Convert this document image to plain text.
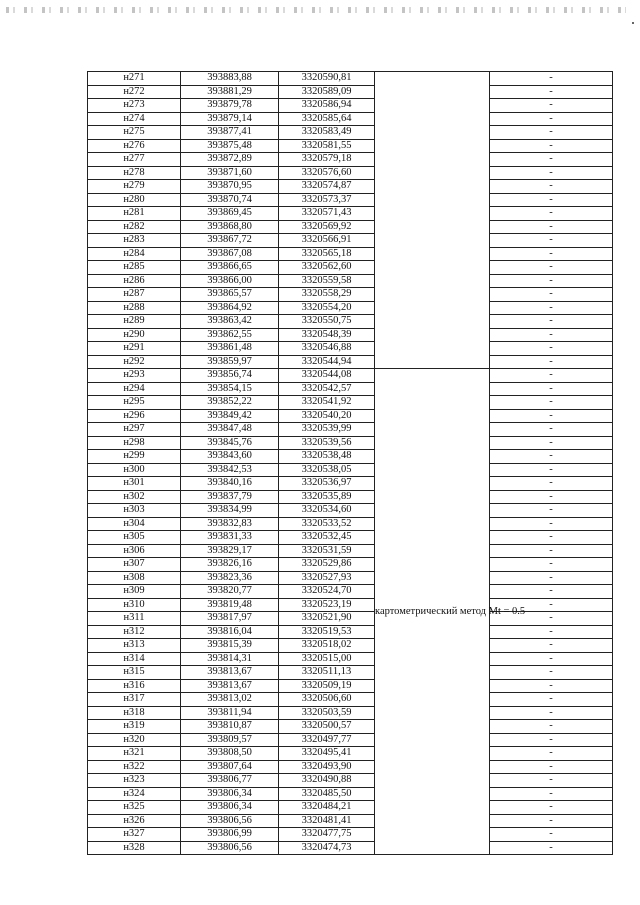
н271	393883,88	3320590,81		-
н272	393881,29	3320589,09		-
н273	393879,78	3320586,94		-
н274	393879,14	3320585,64		-
н275	393877,41	3320583,49		-
н276	393875,48	3320581,55		-
н277	393872,89	3320579,18		-
н278	393871,60	3320576,60		-
н279	393870,95	3320574,87		-
н280	393870,74	3320573,37		-
н281	393869,45	3320571,43		-
н282	393868,80	3320569,92		-
н283	393867,72	3320566,91		-
н284	393867,08	3320565,18		-
н285	393866,65	3320562,60		-
н286	393866,00	3320559,58		-
н287	393865,57	3320558,29		-
н288	393864,92	3320554,20		-
н289	393863,42	3320550,75		-
н290	393862,55	3320548,39		-
н291	393861,48	3320546,88		-
н292	393859,97	3320544,94		-
н293	393856,74	3320544,08	картометрический метод Mt = 0.5	-
н294	393854,15	3320542,57		-
н295	393852,22	3320541,92		-
н296	393849,42	3320540,20		-
н297	393847,48	3320539,99		-
н298	393845,76	3320539,56		-
н299	393843,60	3320538,48		-
н300	393842,53	3320538,05		-
н301	393840,16	3320536,97		-
н302	393837,79	3320535,89		-
н303	393834,99	3320534,60		-
н304	393832,83	3320533,52		-
н305	393831,33	3320532,45		-
н306	393829,17	3320531,59		-
н307	393826,16	3320529,86		-
н308	393823,36	3320527,93		-
н309	393820,77	3320524,70		-
н310	393819,48	3320523,19		-
н311	393817,97	3320521,90		-
н312	393816,04	3320519,53		-
н313	393815,39	3320518,02		-
н314	393814,31	3320515,00		-
н315	393813,67	3320511,13		-
н316	393813,67	3320509,19		-
н317	393813,02	3320506,60		-
н318	393811,94	3320503,59		-
н319	393810,87	3320500,57		-
н320	393809,57	3320497,77		-
н321	393808,50	3320495,41		-
н322	393807,64	3320493,90		-
н323	393806,77	3320490,88		-
н324	393806,34	3320485,50		-
н325	393806,34	3320484,21		-
н326	393806,56	3320481,41		-
н327	393806,99	3320477,75		-
н328	393806,56	3320474,73		-
